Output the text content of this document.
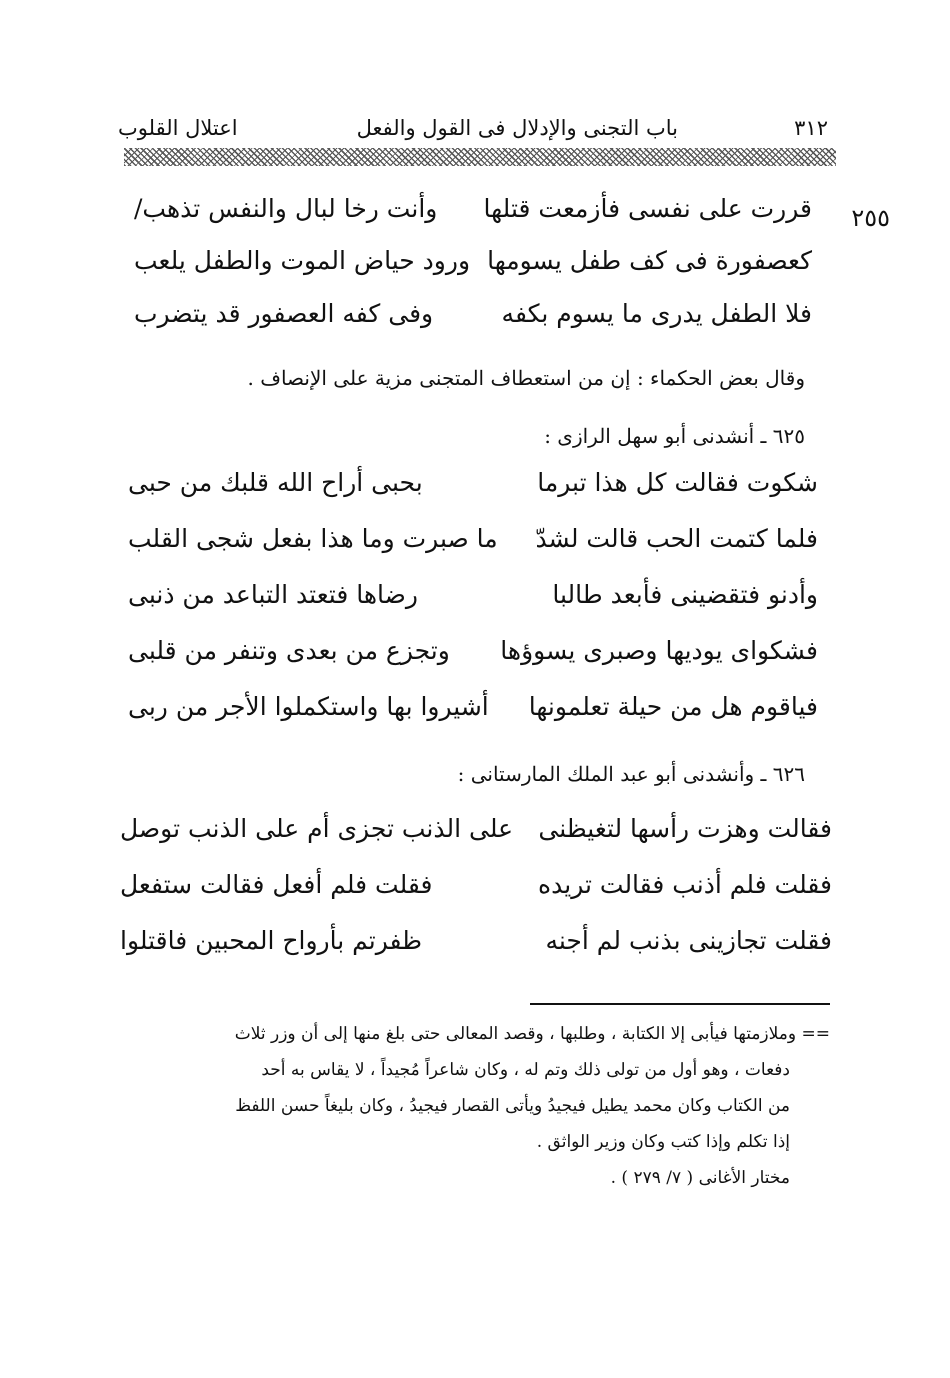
٣١٢
باب التجنى والإدلال فى القول والفعل
اعتلال القلوب
٢٥٥
قررت على نفسى فأزمعت قتلها
وأنت رخا لبال والنفس تذهب/
كعصفورة فى كف طفل يسومها
ورود حياض الموت والطفل يلعب
فلا الطفل يدرى ما يسوم بكفه
وفى كفه العصفور قد يتضرب
وقال بعض الحكماء : إن من استعطاف المتجنى مزية على الإنصاف .
٦٢٥ ـ أنشدنى أبو سهل الرازى :
شكوت فقالت كل هذا تبرما
بحبى أراح الله قلبك من حبى
فلما كتمت الحب قالت لشدّ
ما صبرت وما هذا بفعل شجى القلب
وأدنو فتقضينى فأبعد طالبا
رضاها فتعتد التباعد من ذنبى
فشكواى يوديها وصبرى يسوؤها
وتجزع من بعدى وتنفر من قلبى
فياقوم هل من حيلة تعلمونها
أشيروا بها واستكملوا الأجر من ربى
٦٢٦ ـ وأنشدنى أبو عبد الملك المارستانى :
فقالت وهزت رأسها لتغيظنى
على الذنب تجزى أم على الذنب توصل
فقلت فلم أذنب فقالت تريده
فقلت فلم أفعل فقالت ستفعل
فقلت تجازينى بذنب لم أجنه
ظفرتم بأرواح المحبين فاقتلوا
== وملازمتها فيأبى إلا الكتابة ، وطلبها ، وقصد المعالى حتى بلغ منها إلى أن وزر ثلاث
دفعات ، وهو أول من تولى ذلك وتم له ، وكان شاعراً مُجيداً ، لا يقاس به أحد
من الكتاب وكان محمد يطيل فيجيدُ ويأتى القصار فيجيدُ ، وكان بليغاً حسن اللفظ
إذا تكلم وإذا كتب وكان وزير الواثق .
مختار الأغانى ( ٧/ ٢٧٩ ) .
